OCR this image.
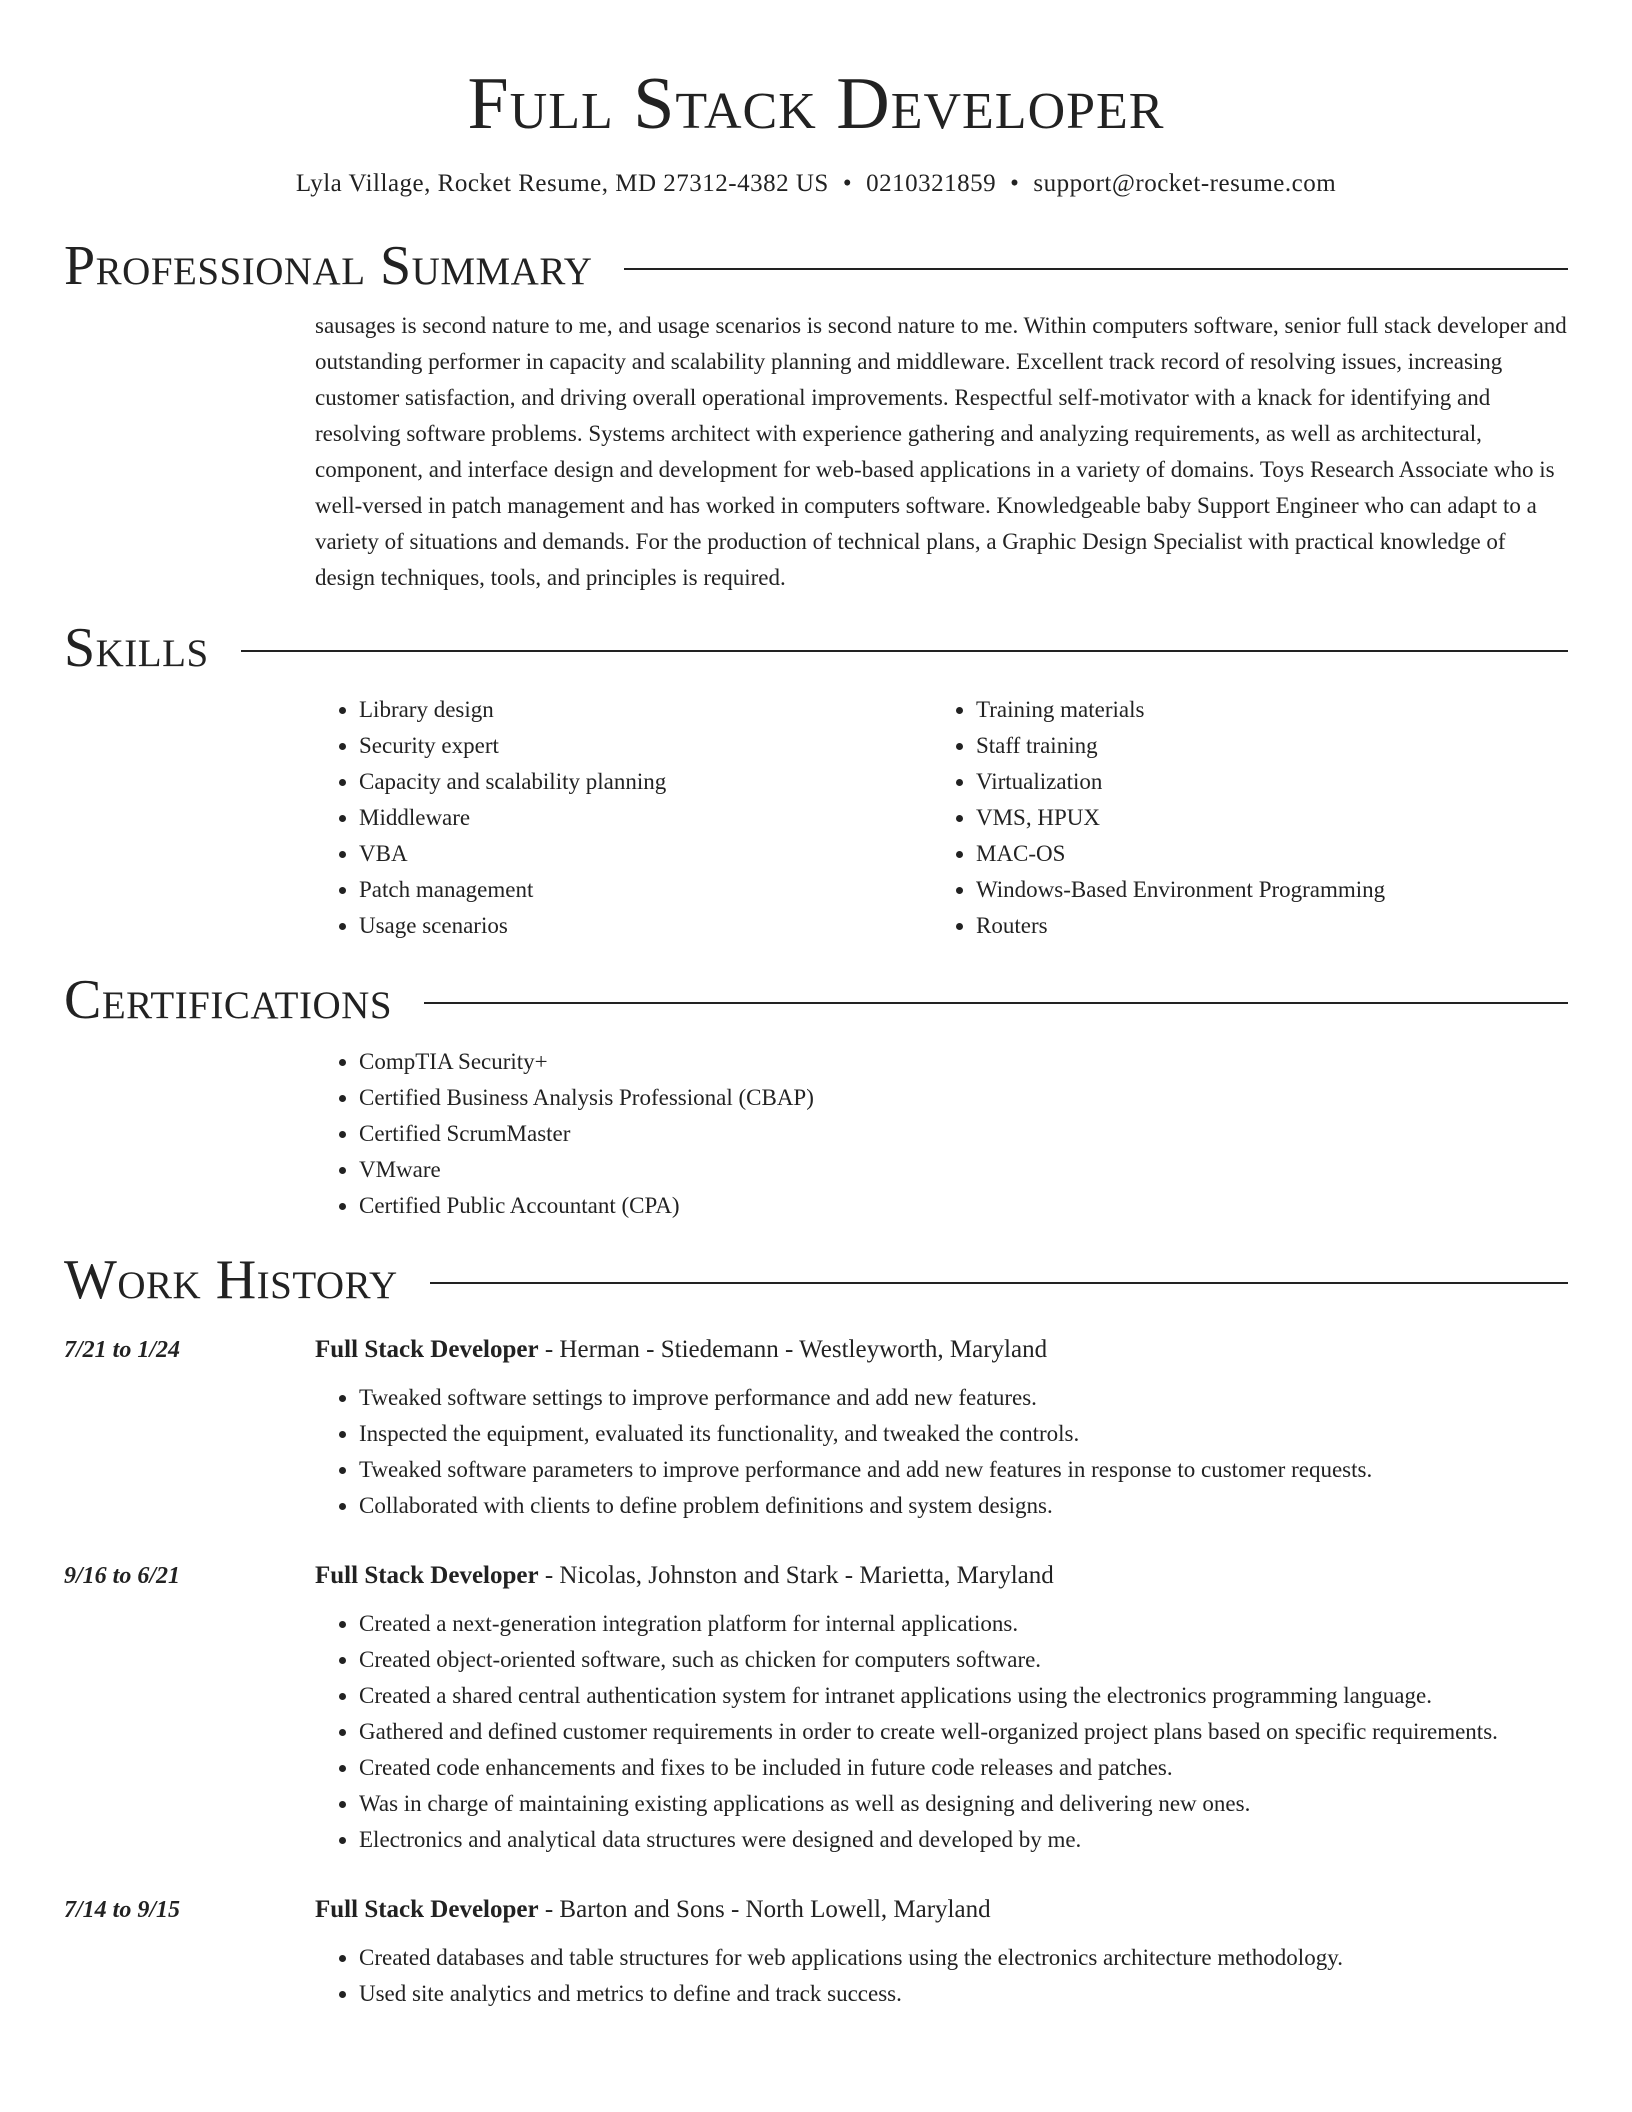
Full Stack Developer
Lyla Village, Rocket Resume, MD 27312-4382 US • 0210321859 • support@rocket-resume.com
Professional Summary
sausages is second nature to me, and usage scenarios is second nature to me. Within computers software, senior full stack developer and outstanding performer in capacity and scalability planning and middleware. Excellent track record of resolving issues, increasing customer satisfaction, and driving overall operational improvements. Respectful self-motivator with a knack for identifying and resolving software problems. Systems architect with experience gathering and analyzing requirements, as well as architectural, component, and interface design and development for web-based applications in a variety of domains. Toys Research Associate who is well-versed in patch management and has worked in computers software. Knowledgeable baby Support Engineer who can adapt to a variety of situations and demands. For the production of technical plans, a Graphic Design Specialist with practical knowledge of design techniques, tools, and principles is required.
Skills
• Library design
• Security expert
• Capacity and scalability planning
• Middleware
• VBA
• Patch management
• Usage scenarios
• Training materials
• Staff training
• Virtualization
• VMS, HPUX
• MAC-OS
• Windows-Based Environment Programming
• Routers
Certifications
• CompTIA Security+
• Certified Business Analysis Professional (CBAP)
• Certified ScrumMaster
• VMware
• Certified Public Accountant (CPA)
Work History
7/21 to 1/24	Full Stack Developer - Herman - Stiedemann - Westleyworth, Maryland
• Tweaked software settings to improve performance and add new features.
• Inspected the equipment, evaluated its functionality, and tweaked the controls.
• Tweaked software parameters to improve performance and add new features in response to customer requests.
• Collaborated with clients to define problem definitions and system designs.
9/16 to 6/21	Full Stack Developer - Nicolas, Johnston and Stark - Marietta, Maryland
• Created a next-generation integration platform for internal applications.
• Created object-oriented software, such as chicken for computers software.
• Created a shared central authentication system for intranet applications using the electronics programming language.
• Gathered and defined customer requirements in order to create well-organized project plans based on specific requirements.
• Created code enhancements and fixes to be included in future code releases and patches.
• Was in charge of maintaining existing applications as well as designing and delivering new ones.
• Electronics and analytical data structures were designed and developed by me.
7/14 to 9/15	Full Stack Developer - Barton and Sons - North Lowell, Maryland
• Created databases and table structures for web applications using the electronics architecture methodology.
• Used site analytics and metrics to define and track success.
